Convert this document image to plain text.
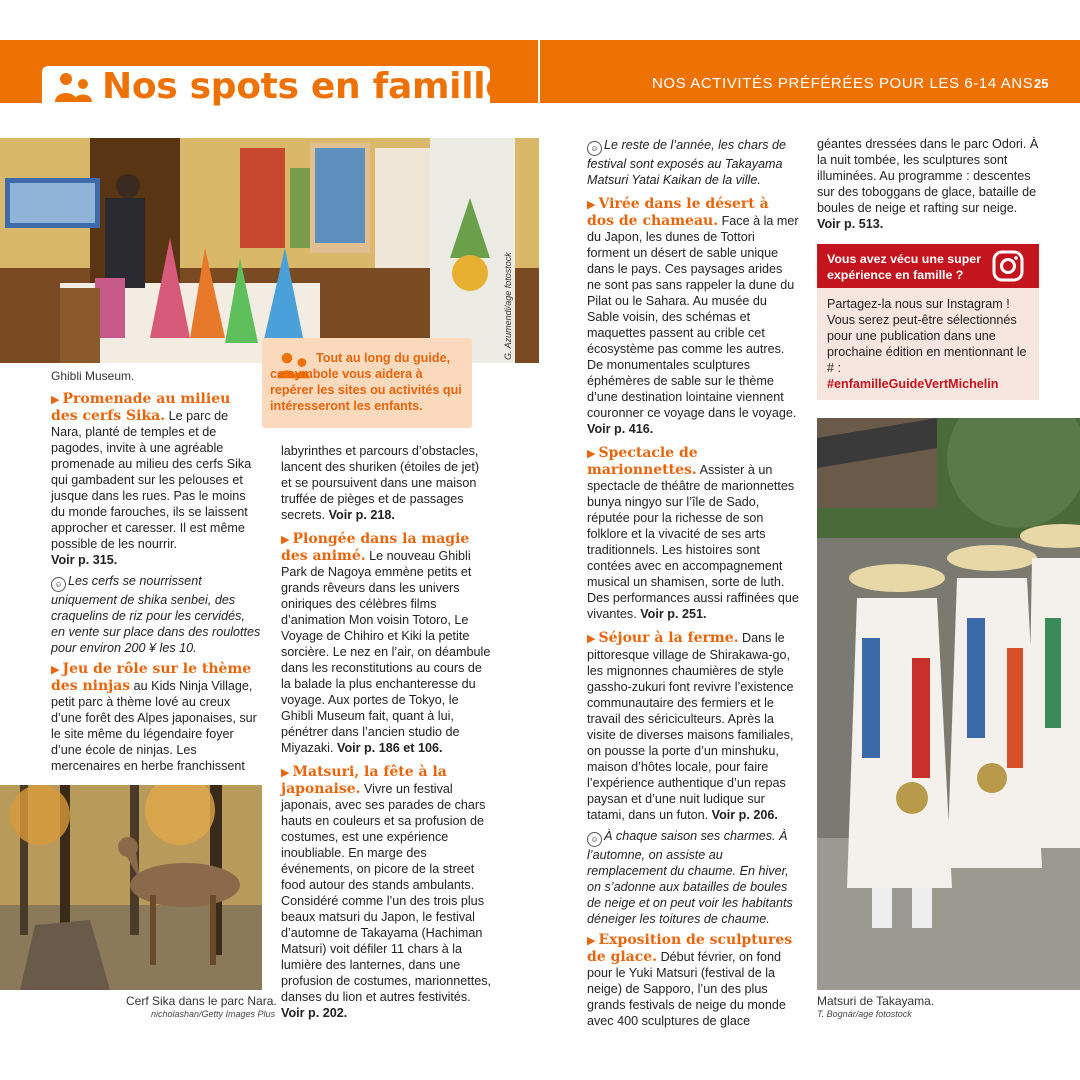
Nos spots en famille	NOS ACTIVITÉS PRÉFÉRÉES POUR LES 6-14 ANS 25
G. Azumendi/age fotostock
Ghibli Museum.
Tout au long du guide, ce symbole vous aidera à repérer les sites ou activités qui intéresseront les enfants.

▶ Promenade au milieu des cerfs Sika. Le parc de Nara, planté de temples et de pagodes, invite à une agréable promenade au milieu des cerfs Sika qui gambadent sur les pelouses et jusque dans les rues. Pas le moins du monde farouches, ils se laissent approcher et caresser. Il est même possible de les nourrir.
Voir p. 315.

☺ Les cerfs se nourrissent uniquement de shika senbei, des craquelins de riz pour les cervidés, en vente sur place dans des roulottes pour environ 200 ¥ les 10.

▶ Jeu de rôle sur le thème des ninjas au Kids Ninja Village, petit parc à thème lové au creux d’une forêt des Alpes japonaises, sur le site même du légendaire foyer d’une école de ninjas. Les mercenaires en herbe franchissent

Cerf Sika dans le parc Nara.
nicholashan/Getty Images Plus

labyrinthes et parcours d’obstacles, lancent des shuriken (étoiles de jet) et se poursuivent dans une maison truffée de pièges et de passages secrets. Voir p. 218.

▶ Plongée dans la magie des animé. Le nouveau Ghibli Park de Nagoya emmène petits et grands rêveurs dans les univers oniriques des célèbres films d’animation Mon voisin Totoro, Le Voyage de Chihiro et Kiki la petite sorcière. Le nez en l’air, on déambule dans les reconstitutions au cours de la balade la plus enchanteresse du voyage. Aux portes de Tokyo, le Ghibli Museum fait, quant à lui, pénétrer dans l’ancien studio de Miyazaki. Voir p. 186 et 106.

▶ Matsuri, la fête à la japonaise. Vivre un festival japonais, avec ses parades de chars hauts en couleurs et sa profusion de costumes, est une expérience inoubliable. En marge des événements, on picore de la street food autour des stands ambulants. Considéré comme l’un des trois plus beaux matsuri du Japon, le festival d’automne de Takayama (Hachiman Matsuri) voit défiler 11 chars à la lumière des lanternes, dans une profusion de costumes, marionnettes, danses du lion et autres festivités. Voir p. 202.

☺ Le reste de l’année, les chars de festival sont exposés au Takayama Matsuri Yatai Kaikan de la ville.

▶ Virée dans le désert à dos de chameau. Face à la mer du Japon, les dunes de Tottori forment un désert de sable unique dans le pays. Ces paysages arides ne sont pas sans rappeler la dune du Pilat ou le Sahara. Au musée du Sable voisin, des schémas et maquettes passent au crible cet écosystème pas comme les autres. De monumentales sculptures éphémères de sable sur le thème d’une destination lointaine viennent couronner ce voyage dans le voyage. Voir p. 416.

▶ Spectacle de marionnettes. Assister à un spectacle de théâtre de marionnettes bunya ningyo sur l’île de Sado, réputée pour la richesse de son folklore et la vivacité de ses arts traditionnels. Les histoires sont contées avec en accompagnement musical un shamisen, sorte de luth. Des performances aussi raffinées que vivantes. Voir p. 251.

▶ Séjour à la ferme. Dans le pittoresque village de Shirakawa-go, les mignonnes chaumières de style gassho-zukuri font revivre l’existence communautaire des fermiers et le travail des sériciculteurs. Après la visite de diverses maisons familiales, on pousse la porte d’un minshuku, maison d’hôtes locale, pour faire l’expérience authentique d’un repas paysan et d’une nuit ludique sur tatami, dans un futon. Voir p. 206.

☺ À chaque saison ses charmes. À l’automne, on assiste au remplacement du chaume. En hiver, on s’adonne aux batailles de boules de neige et on peut voir les habitants déneiger les toitures de chaume.

▶ Exposition de sculptures de glace. Début février, on fond pour le Yuki Matsuri (festival de la neige) de Sapporo, l’un des plus grands festivals de neige du monde avec 400 sculptures de glace

géantes dressées dans le parc Odori. À la nuit tombée, les sculptures sont illuminées. Au programme : descentes sur des toboggans de glace, bataille de boules de neige et rafting sur neige. Voir p. 513.

Vous avez vécu une super expérience en famille ?
Partagez-la nous sur Instagram ! Vous serez peut-être sélectionnés pour une publication dans une prochaine édition en mentionnant le # :
#enfamilleGuideVertMichelin
Matsuri de Takayama.
T. Bognár/age fotostock
